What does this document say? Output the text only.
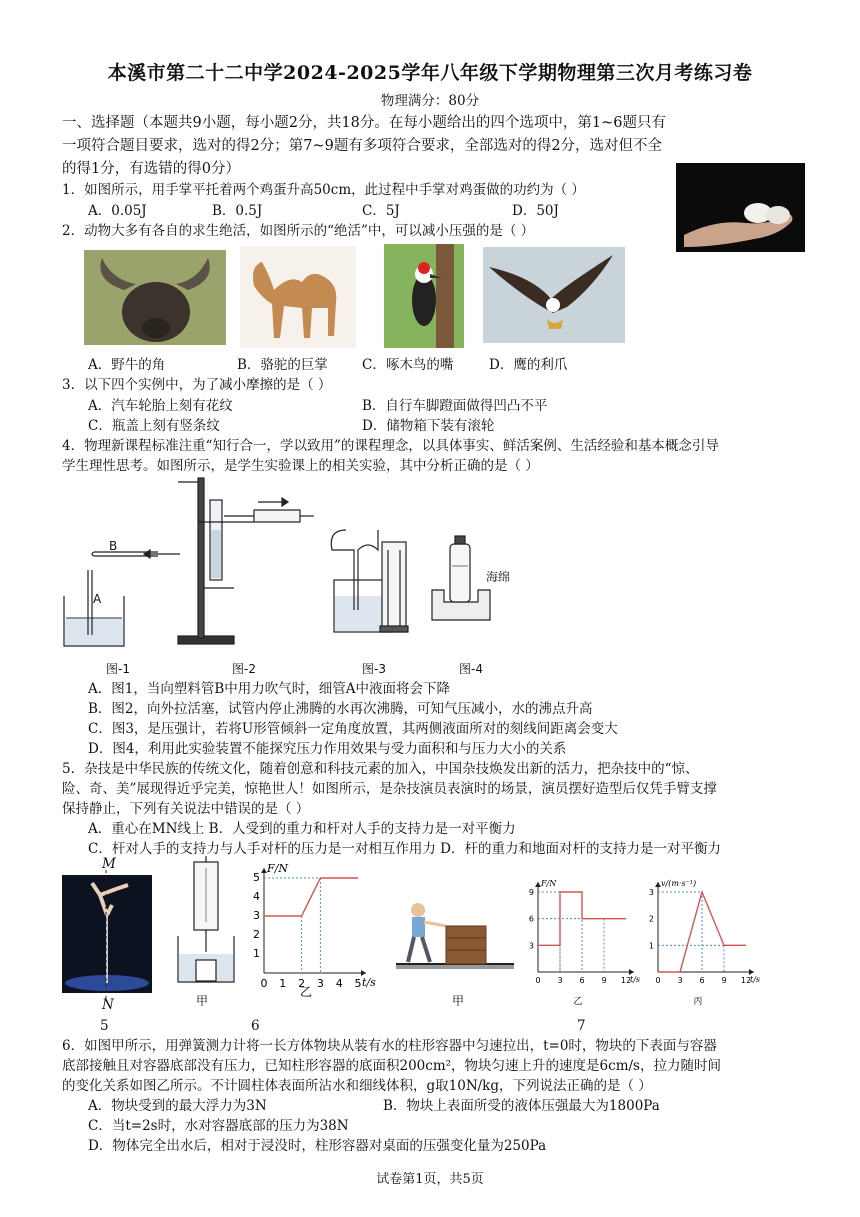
本溪市第二十二中学2024-2025学年八年级下学期物理第三次月考练习卷
物理满分：80分
一、选择题（本题共9小题，每小题2分，共18分。在每小题给出的四个选项中，第1~6题只有
一项符合题目要求，选对的得2分；第7~9题有多项符合要求，全部选对的得2分，选对但不全
的得1分，有选错的得0分）
1．如图所示，用手掌平托着两个鸡蛋升高50cm，此过程中手掌对鸡蛋做的功约为（ ）
A．0.05J	B．0.5J	C．5J	D．50J
2．动物大多有各自的求生绝活，如图所示的“绝活”中，可以减小压强的是（ ）
A．野牛的角	B．骆驼的巨掌	C．啄木鸟的嘴	D．鹰的利爪
3．以下四个实例中，为了减小摩擦的是（ ）
A．汽车轮胎上刻有花纹	B．自行车脚蹬面做得凹凸不平
C．瓶盖上刻有竖条纹	D．储物箱下装有滚轮
4．物理新课程标准注重“知行合一，学以致用”的课程理念，以具体事实、鲜活案例、生活经验和基本概念引导
学生理性思考。如图所示，是学生实验课上的相关实验，其中分析正确的是（ ）
B
A
海绵
图-1	图-2	图-3	图-4
A．图1，当向塑料管B中用力吹气时，细管A中液面将会下降
B．图2，向外拉活塞，试管内停止沸腾的水再次沸腾，可知气压减小，水的沸点升高
C．图3，是压强计，若将U形管倾斜一定角度放置，其两侧液面所对的刻线间距离会变大
D．图4，利用此实验装置不能探究压力作用效果与受力面积和与压力大小的关系
5．杂技是中华民族的传统文化，随着创意和科技元素的加入，中国杂技焕发出新的活力，把杂技中的“惊、
险、奇、美”展现得近乎完美，惊艳世人！如图所示，是杂技演员表演时的场景，演员摆好造型后仅凭手臂支撑
保持静止，下列有关说法中错误的是（ ）
A．重心在MN线上 B．人受到的重力和杆对人手的支持力是一对平衡力
C．杆对人手的支持力与人手对杆的压力是一对相互作用力 D．杆的重力和地面对杆的支持力是一对平衡力
M
N	甲
F/N
t/s
0 1 2 3 4 5
1
2
3
4
5
乙
甲
F/N
t/s
0 3 6 9 12
3
6
9
乙
v/(m·s⁻¹)
t/s
0 3 6 9 12
1
2
3
丙
5	6	7
6．如图甲所示，用弹簧测力计将一长方体物块从装有水的柱形容器中匀速拉出，t=0时，物块的下表面与容器
底部接触且对容器底部没有压力，已知柱形容器的底面积200cm²，物块匀速上升的速度是6cm/s，拉力随时间
的变化关系如图乙所示。不计圆柱体表面所沾水和细线体积，g取10N/kg，下列说法正确的是（ ）
A．物块受到的最大浮力为3N	B．物块上表面所受的液体压强最大为1800Pa
C．当t=2s时，水对容器底部的压力为38N
D．物体完全出水后，相对于浸没时，柱形容器对桌面的压强变化量为250Pa
试卷第1页，共5页
